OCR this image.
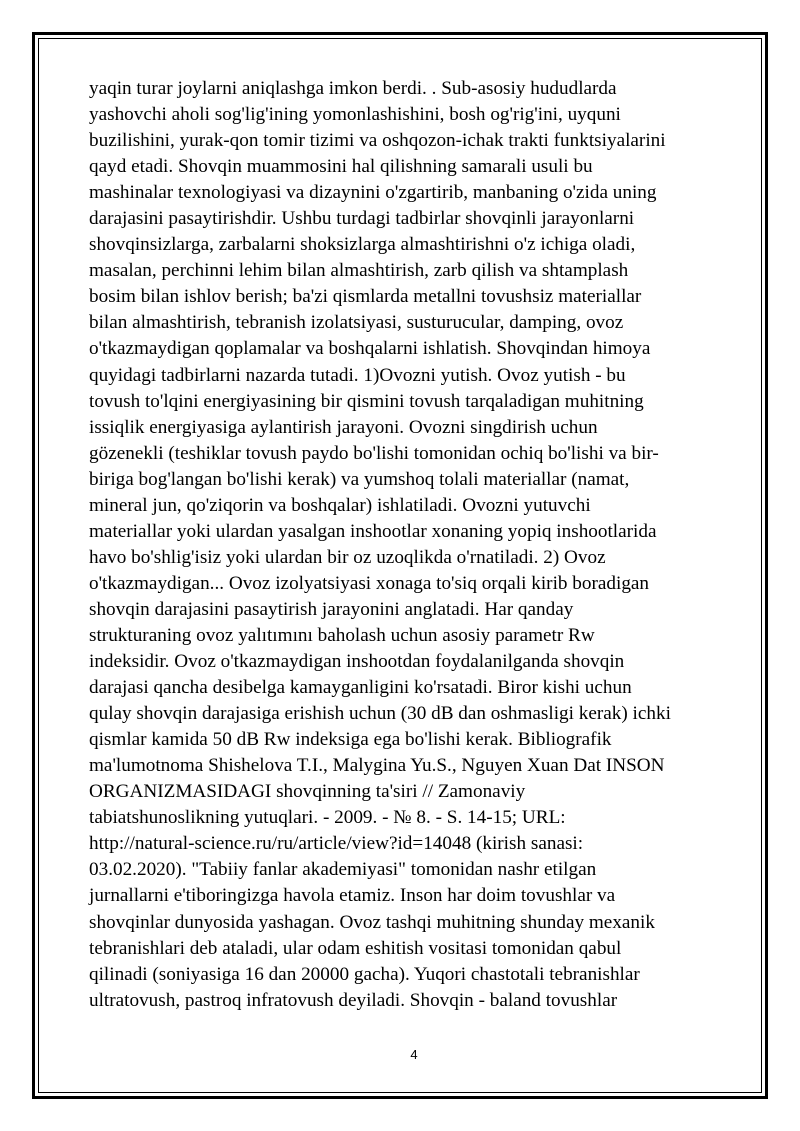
yaqin turar joylarni aniqlashga imkon berdi. . Sub-asosiy hududlarda
yashovchi aholi sog'lig'ining yomonlashishini, bosh og'rig'ini, uyquni
buzilishini, yurak-qon tomir tizimi va oshqozon-ichak trakti funktsiyalarini
qayd etadi. Shovqin muammosini hal qilishning samarali usuli bu
mashinalar texnologiyasi va dizaynini o'zgartirib, manbaning o'zida uning
darajasini pasaytirishdir. Ushbu turdagi tadbirlar shovqinli jarayonlarni
shovqinsizlarga, zarbalarni shoksizlarga almashtirishni o'z ichiga oladi,
masalan, perchinni lehim bilan almashtirish, zarb qilish va shtamplash
bosim bilan ishlov berish; ba'zi qismlarda metallni tovushsiz materiallar
bilan almashtirish, tebranish izolatsiyasi, susturucular, damping, ovoz
o'tkazmaydigan qoplamalar va boshqalarni ishlatish. Shovqindan himoya
quyidagi tadbirlarni nazarda tutadi. 1)Ovozni yutish. Ovoz yutish - bu
tovush to'lqini energiyasining bir qismini tovush tarqaladigan muhitning
issiqlik energiyasiga aylantirish jarayoni. Ovozni singdirish uchun
gözenekli (teshiklar tovush paydo bo'lishi tomonidan ochiq bo'lishi va bir-
biriga bog'langan bo'lishi kerak) va yumshoq tolali materiallar (namat,
mineral jun, qo'ziqorin va boshqalar) ishlatiladi. Ovozni yutuvchi
materiallar yoki ulardan yasalgan inshootlar xonaning yopiq inshootlarida
havo bo'shlig'isiz yoki ulardan bir oz uzoqlikda o'rnatiladi. 2) Ovoz
o'tkazmaydigan... Ovoz izolyatsiyasi xonaga to'siq orqali kirib boradigan
shovqin darajasini pasaytirish jarayonini anglatadi. Har qanday
strukturaning ovoz yalıtımını baholash uchun asosiy parametr Rw
indeksidir. Ovoz o'tkazmaydigan inshootdan foydalanilganda shovqin
darajasi qancha desibelga kamayganligini ko'rsatadi. Biror kishi uchun
qulay shovqin darajasiga erishish uchun (30 dB dan oshmasligi kerak) ichki
qismlar kamida 50 dB Rw indeksiga ega bo'lishi kerak. Bibliografik
ma'lumotnoma Shishelova T.I., Malygina Yu.S., Nguyen Xuan Dat INSON
ORGANIZMASIDAGI shovqinning ta'siri // Zamonaviy
tabiatshunoslikning yutuqlari. - 2009. - № 8. - S. 14-15; URL:
http://natural-science.ru/ru/article/view?id=14048 (kirish sanasi:
03.02.2020). "Tabiiy fanlar akademiyasi" tomonidan nashr etilgan
jurnallarni e'tiboringizga havola etamiz. Inson har doim tovushlar va
shovqinlar dunyosida yashagan. Ovoz tashqi muhitning shunday mexanik
tebranishlari deb ataladi, ular odam eshitish vositasi tomonidan qabul
qilinadi (soniyasiga 16 dan 20000 gacha). Yuqori chastotali tebranishlar
ultratovush, pastroq infratovush deyiladi. Shovqin - baland tovushlar
4
